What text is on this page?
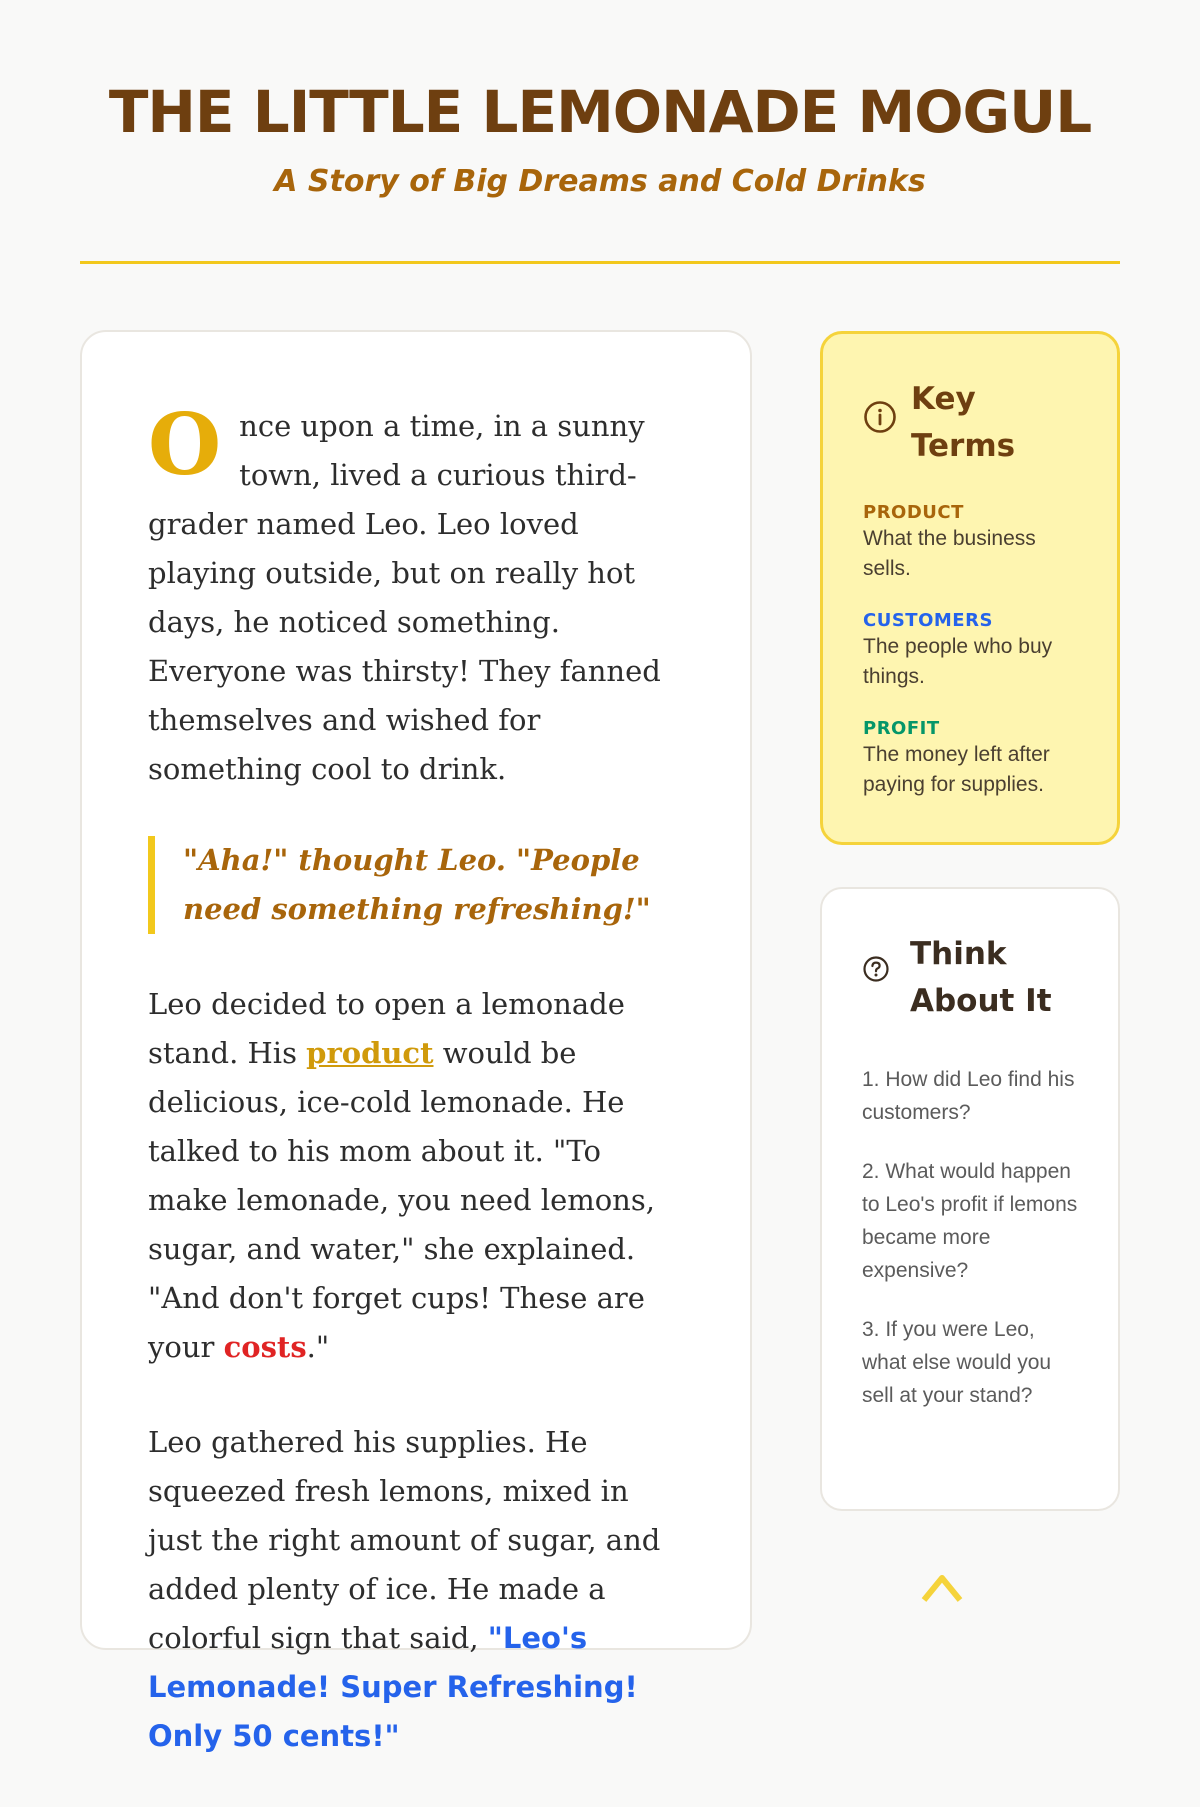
THE LITTLE LEMONADE MOGUL
A Story of Big Dreams and Cold Drinks

Once upon a time, in a sunny town, lived a curious third-grader named Leo. Leo loved playing outside, but on really hot days, he noticed something. Everyone was thirsty! They fanned themselves and wished for something cool to drink.

"Aha!" thought Leo. "People need something refreshing!"

Leo decided to open a lemonade stand. His product would be delicious, ice-cold lemonade. He talked to his mom about it. "To make lemonade, you need lemons, sugar, and water," she explained. "And don't forget cups! These are your costs."

Leo gathered his supplies. He squeezed fresh lemons, mixed in just the right amount of sugar, and added plenty of ice. He made a colorful sign that said, "Leo's Lemonade! Super Refreshing! Only 50 cents!"

Key Terms
PRODUCT
What the business sells.
CUSTOMERS
The people who buy things.
PROFIT
The money left after paying for supplies.
Think About It

1. How did Leo find his customers?

2. What would happen to Leo's profit if lemons became more expensive?

3. If you were Leo, what else would you sell at your stand?
